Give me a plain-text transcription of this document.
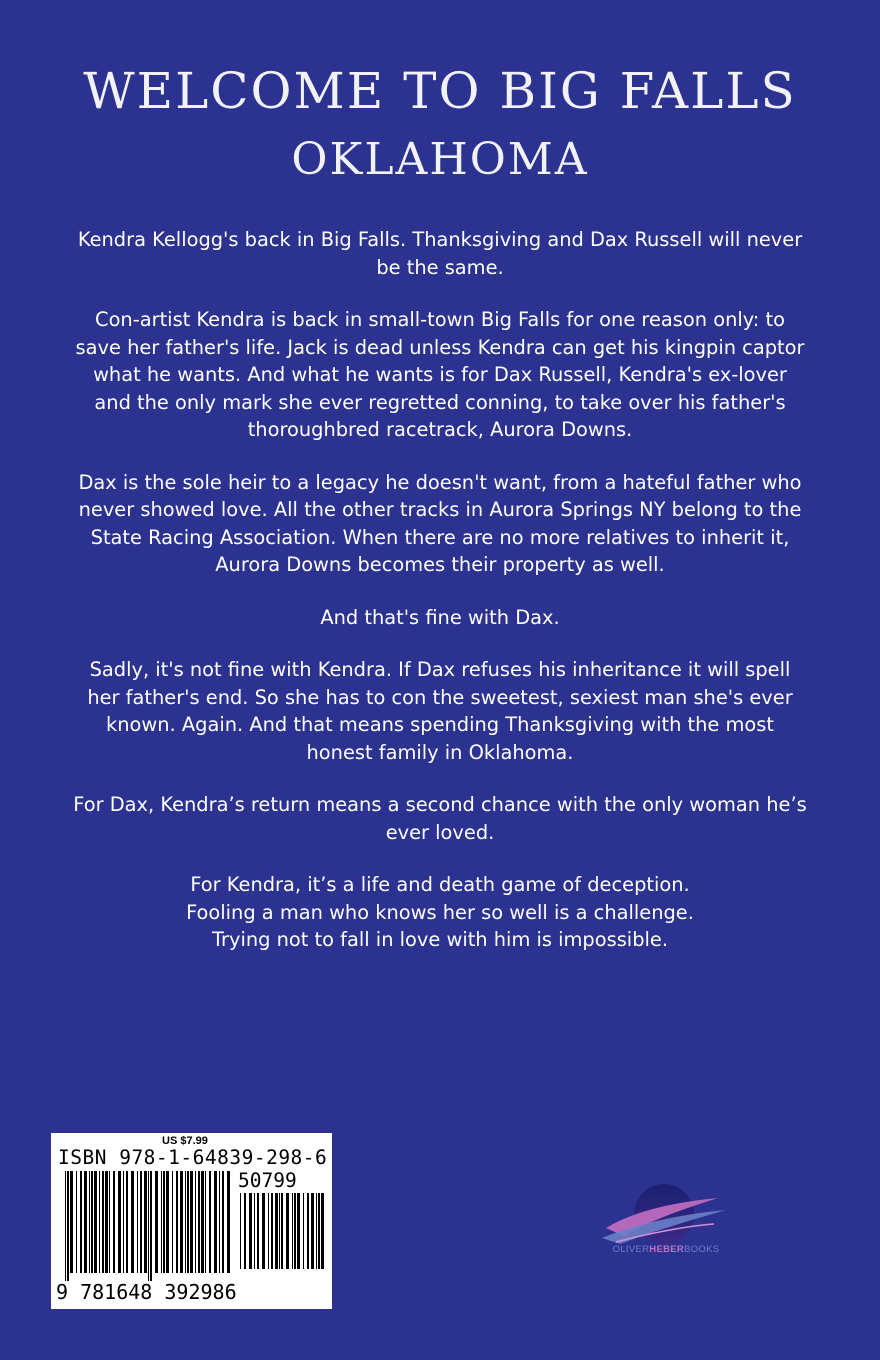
WELCOME TO BIG FALLS
OKLAHOMA

Kendra Kellogg's back in Big Falls. Thanksgiving and Dax Russell will never be the same.

Con-artist Kendra is back in small-town Big Falls for one reason only: to save her father's life. Jack is dead unless Kendra can get his kingpin captor what he wants. And what he wants is for Dax Russell, Kendra's ex-lover and the only mark she ever regretted conning, to take over his father's thoroughbred racetrack, Aurora Downs.

Dax is the sole heir to a legacy he doesn't want, from a hateful father who never showed love. All the other tracks in Aurora Springs NY belong to the State Racing Association. When there are no more relatives to inherit it, Aurora Downs becomes their property as well.

And that's fine with Dax.

Sadly, it's not fine with Kendra. If Dax refuses his inheritance it will spell her father's end. So she has to con the sweetest, sexiest man she's ever known. Again. And that means spending Thanksgiving with the most honest family in Oklahoma.

For Dax, Kendra’s return means a second chance with the only woman he’s ever loved.

For Kendra, it’s a life and death game of deception.
Fooling a man who knows her so well is a challenge.
Trying not to fall in love with him is impossible.

US $7.99
ISBN 978-1-64839-298-6
50799
9 781648 392986
OLIVERHEBERBOOKS
